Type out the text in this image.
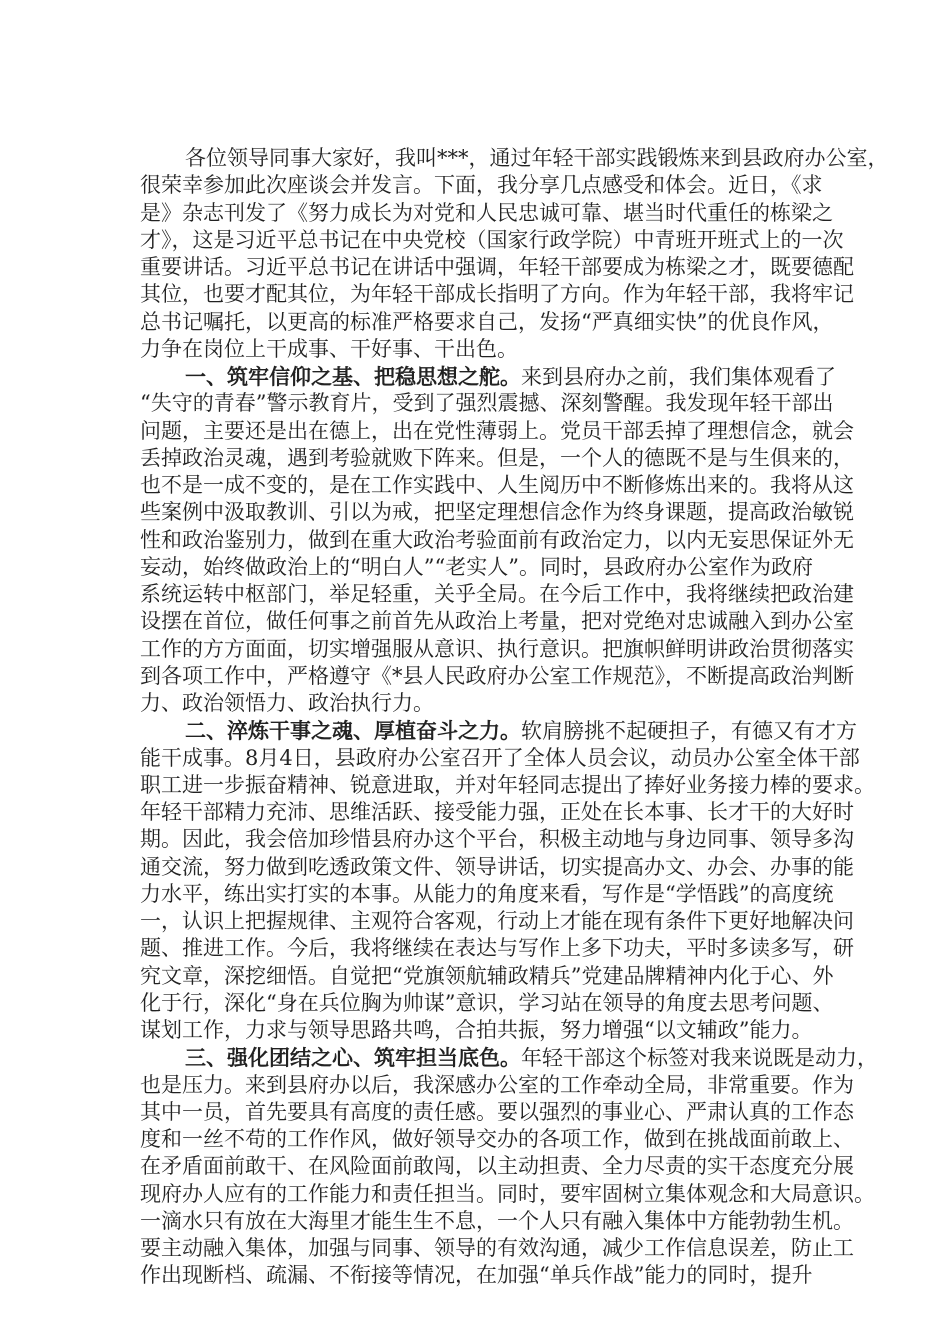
各位领导同事大家好，我叫***，通过年轻干部实践锻炼来到县政府办公室，
很荣幸参加此次座谈会并发言。下面，我分享几点感受和体会。近日，《求
是》杂志刊发了《努力成长为对党和人民忠诚可靠、堪当时代重任的栋梁之
才》，这是习近平总书记在中央党校（国家行政学院）中青班开班式上的一次
重要讲话。习近平总书记在讲话中强调，年轻干部要成为栋梁之才，既要德配
其位，也要才配其位，为年轻干部成长指明了方向。作为年轻干部，我将牢记
总书记嘱托，以更高的标准严格要求自己，发扬“严真细实快”的优良作风，
力争在岗位上干成事、干好事、干出色。
一、筑牢信仰之基、把稳思想之舵。来到县府办之前，我们集体观看了
“失守的青春”警示教育片，受到了强烈震撼、深刻警醒。我发现年轻干部出
问题，主要还是出在德上，出在党性薄弱上。党员干部丢掉了理想信念，就会
丢掉政治灵魂，遇到考验就败下阵来。但是，一个人的德既不是与生俱来的，
也不是一成不变的，是在工作实践中、人生阅历中不断修炼出来的。我将从这
些案例中汲取教训、引以为戒，把坚定理想信念作为终身课题，提高政治敏锐
性和政治鉴别力，做到在重大政治考验面前有政治定力，以内无妄思保证外无
妄动，始终做政治上的“明白人”“老实人”。同时，县政府办公室作为政府
系统运转中枢部门，举足轻重，关乎全局。在今后工作中，我将继续把政治建
设摆在首位，做任何事之前首先从政治上考量，把对党绝对忠诚融入到办公室
工作的方方面面，切实增强服从意识、执行意识。把旗帜鲜明讲政治贯彻落实
到各项工作中，严格遵守《*县人民政府办公室工作规范》，不断提高政治判断
力、政治领悟力、政治执行力。
二、淬炼干事之魂、厚植奋斗之力。软肩膀挑不起硬担子，有德又有才方
能干成事。8月4日，县政府办公室召开了全体人员会议，动员办公室全体干部
职工进一步振奋精神、锐意进取，并对年轻同志提出了捧好业务接力棒的要求。
年轻干部精力充沛、思维活跃、接受能力强，正处在长本事、长才干的大好时
期。因此，我会倍加珍惜县府办这个平台，积极主动地与身边同事、领导多沟
通交流，努力做到吃透政策文件、领导讲话，切实提高办文、办会、办事的能
力水平，练出实打实的本事。从能力的角度来看，写作是“学悟践”的高度统
一，认识上把握规律、主观符合客观，行动上才能在现有条件下更好地解决问
题、推进工作。今后，我将继续在表达与写作上多下功夫，平时多读多写，研
究文章，深挖细悟。自觉把“党旗领航辅政精兵”党建品牌精神内化于心、外
化于行，深化“身在兵位胸为帅谋”意识，学习站在领导的角度去思考问题、
谋划工作，力求与领导思路共鸣，合拍共振，努力增强“以文辅政”能力。
三、强化团结之心、筑牢担当底色。年轻干部这个标签对我来说既是动力，
也是压力。来到县府办以后，我深感办公室的工作牵动全局，非常重要。作为
其中一员，首先要具有高度的责任感。要以强烈的事业心、严肃认真的工作态
度和一丝不苟的工作作风，做好领导交办的各项工作，做到在挑战面前敢上、
在矛盾面前敢干、在风险面前敢闯，以主动担责、全力尽责的实干态度充分展
现府办人应有的工作能力和责任担当。同时，要牢固树立集体观念和大局意识。
一滴水只有放在大海里才能生生不息，一个人只有融入集体中方能勃勃生机。
要主动融入集体，加强与同事、领导的有效沟通，减少工作信息误差，防止工
作出现断档、疏漏、不衔接等情况，在加强“单兵作战”能力的同时，提升
